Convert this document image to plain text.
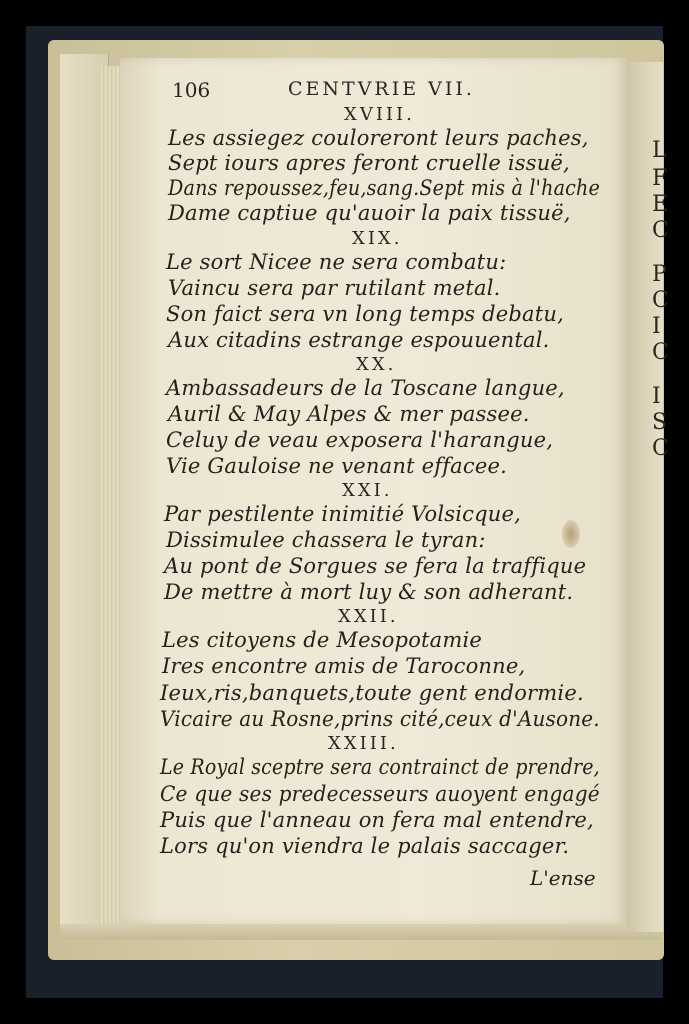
L
F
E
C
P
C
I
C
I
S
C
106	CENTVRIE VII.
XVIII.
Les assiegez couloreront leurs paches,
Sept iours apres feront cruelle issuë,
Dans repoussez,feu,sang.Sept mis à l'hache
Dame captiue qu'auoir la paix tissuë,
XIX.
Le sort Nicee ne sera combatu:
Vaincu sera par rutilant metal.
Son faict sera vn long temps debatu,
Aux citadins estrange espouuental.
XX.
Ambassadeurs de la Toscane langue,
Auril & May Alpes & mer passee.
Celuy de veau exposera l'harangue,
Vie Gauloise ne venant effacee.
XXI.
Par pestilente inimitié Volsicque,
Dissimulee chassera le tyran:
Au pont de Sorgues se fera la traffique
De mettre à mort luy & son adherant.
XXII.
Les citoyens de Mesopotamie
Ires encontre amis de Taroconne,
Ieux,ris,banquets,toute gent endormie.
Vicaire au Rosne,prins cité,ceux d'Ausone.
XXIII.
Le Royal sceptre sera contrainct de prendre,
Ce que ses predecesseurs auoyent engagé
Puis que l'anneau on fera mal entendre,
Lors qu'on viendra le palais saccager.
L'ense
